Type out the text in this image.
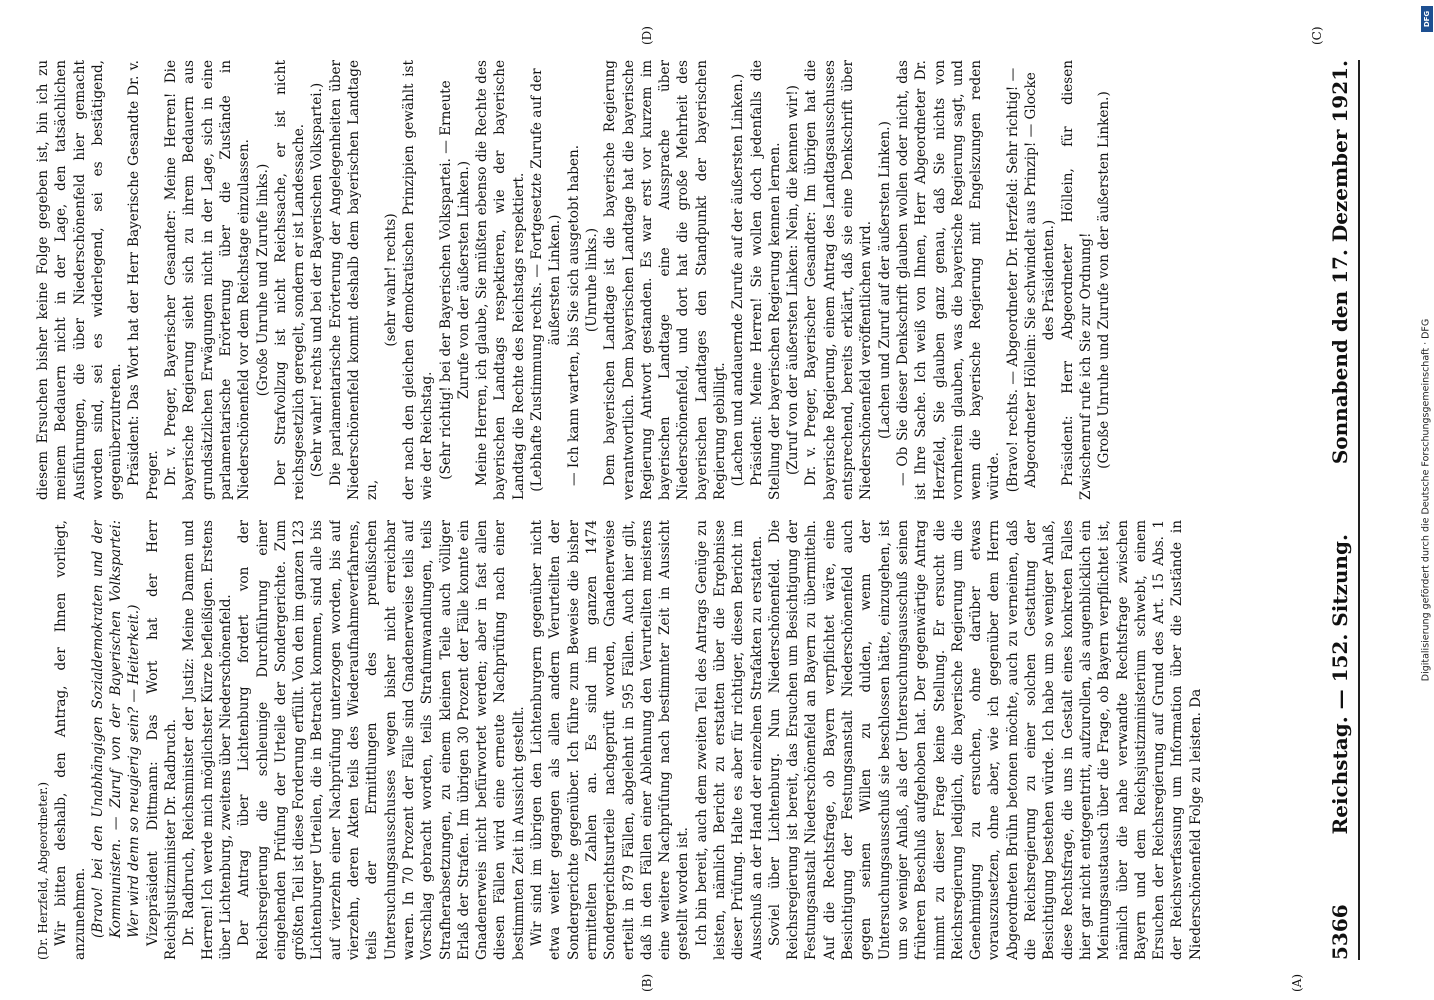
5366
Reichstag. — 152. Sitzung.
Sonnabend den 17. Dezember 1921.

(Dr. Herzfeld, Abgeordneter.) Wir bitten deshalb, den Antrag, der Ihnen vorliegt, anzunehmen. (Bravo! bei den Unabhängigen Sozialdemokraten und der Kommunisten. — Zuruf von der Bayerischen Volkspartei: Wer wird denn so neugierig sein? — Heiterkeit.) Vizepräsident Dittmann: Das Wort hat der Herr Reichsjustizminister Dr. Radbruch. Dr. Radbruch, Reichsminister der Justiz: Meine Damen und Herren! Ich werde mich möglichster Kürze befleißigen. Erstens über Lichtenburg, zweitens über Niederschönenfeld. Der Antrag über Lichtenburg fordert von der Reichsregierung die schleunige Durchführung einer eingehenden Prüfung der Urteile der Sondergerichte. Zum größten Teil ist diese Forderung erfüllt. Von den im ganzen 123 Lichtenburger Urteilen, die in Betracht kommen, sind alle bis auf vierzehn einer Nachprüfung unterzogen worden, bis auf vierzehn, deren Akten teils des Wiederaufnahmeverfahrens, teils der Ermittlungen des preußischen Untersuchungsausschusses wegen bisher nicht erreichbar waren. In 70 Prozent der Fälle sind Gnadenerweise teils auf Vorschlag gebracht worden, teils Strafumwandlungen, teils Strafherabsetzungen, zu einem kleinen Teile auch völliger Erlaß der Strafen. Im übrigen 30 Prozent der Fälle konnte ein Gnadenerweis nicht befürwortet werden; aber in fast allen diesen Fällen wird eine erneute Nachprüfung nach einer bestimmten Zeit in Aussicht gestellt. Wir sind im übrigen den Lichtenburgern gegenüber nicht etwa weiter gegangen als allen andern Verurteilten der Sondergerichte gegenüber. Ich führe zum Beweise die bisher ermittelten Zahlen an. Es sind im ganzen 1474 Sondergerichtsurteile nachgeprüft worden, Gnadenerweise erteilt in 879 Fällen, abgelehnt in 595 Fällen. Auch hier gilt, daß in den Fällen einer Ablehnung den Verurteilten meistens eine weitere Nachprüfung nach bestimmter Zeit in Aussicht gestellt worden ist. Ich bin bereit, auch dem zweiten Teil des Antrags Genüge zu leisten, nämlich Bericht zu erstatten über die Ergebnisse dieser Prüfung. Halte es aber für richtiger, diesen Bericht im Ausschuß an der Hand der einzelnen Strafakten zu erstatten. Soviel über Lichtenburg. Nun Niederschönenfeld. Die Reichsregierung ist bereit, das Ersuchen um Besichtigung der Festungsanstalt Niederschönenfeld an Bayern zu übermitteln. Auf die Rechtsfrage, ob Bayern verpflichtet wäre, eine Besichtigung der Festungsanstalt Niederschönenfeld auch gegen seinen Willen zu dulden, wenn der Untersuchungsausschuß sie beschlossen hätte, einzugehen, ist um so weniger Anlaß, als der Untersuchungsausschuß seinen früheren Beschluß aufgehoben hat. Der gegenwärtige Antrag nimmt zu dieser Frage keine Stellung. Er ersucht die Reichsregierung lediglich, die bayerische Regierung um die Genehmigung zu ersuchen, ohne darüber etwas vorauszusetzen, ohne aber, wie ich gegenüber dem Herrn Abgeordneten Brühn betonen möchte, auch zu verneinen, daß die Reichsregierung zu einer solchen Gestattung der Besichtigung bestehen würde. Ich habe um so weniger Anlaß, diese Rechtsfrage, die uns in Gestalt eines konkreten Falles hier gar nicht entgegentritt, aufzurollen, als augenblicklich ein Meinungsaustausch über die Frage, ob Bayern verpflichtet ist, nämlich über die nahe verwandte Rechtsfrage zwischen Bayern und dem Reichsjustizministerium schwebt, einem Ersuchen der Reichsregierung auf Grund des Art. 15 Abs. 1 der Reichsverfassung um Information über die Zustände in Niederschönenfeld Folge zu leisten. Da

diesem Ersuchen bisher keine Folge gegeben ist, bin ich zu meinem Bedauern nicht in der Lage, den tatsächlichen Ausführungen, die über Niederschönenfeld hier gemacht worden sind, sei es widerlegend, sei es bestätigend, gegenüberzutreten. Präsident: Das Wort hat der Herr Bayerische Gesandte Dr. v. Preger. Dr. v. Preger, Bayerischer Gesandter: Meine Herren! Die bayerische Regierung sieht sich zu ihrem Bedauern aus grundsätzlichen Erwägungen nicht in der Lage, sich in eine parlamentarische Erörterung über die Zustände in Niederschönenfeld vor dem Reichstage einzulassen. (Große Unruhe und Zurufe links.) Der Strafvollzug ist nicht Reichssache, er ist nicht reichsgesetzlich geregelt, sondern er ist Landessache. (Sehr wahr! rechts und bei der Bayerischen Volkspartei.) Die parlamentarische Erörterung der Angelegenheiten über Niederschönenfeld kommt deshalb dem bayerischen Landtage zu,

(sehr wahr! rechts) der nach den gleichen demokratischen Prinzipien gewählt ist wie der Reichstag. (Sehr richtig! bei der Bayerischen Volkspartei. — Erneute Zurufe von der äußersten Linken.) Meine Herren, ich glaube, Sie müßten ebenso die Rechte des bayerischen Landtags respektieren, wie der bayerische Landtag die Rechte des Reichstags respektiert. (Lebhafte Zustimmung rechts. — Fortgesetzte Zurufe auf der äußersten Linken.) — Ich kann warten, bis Sie sich ausgetobt haben. (Unruhe links.) Dem bayerischen Landtage ist die bayerische Regierung verantwortlich. Dem bayerischen Landtage hat die bayerische Regierung Antwort gestanden. Es war erst vor kurzem im bayerischen Landtage eine Aussprache über Niederschönenfeld, und dort hat die große Mehrheit des bayerischen Landtages den Standpunkt der bayerischen Regierung gebilligt. (Lachen und andauernde Zurufe auf der äußersten Linken.) Präsident: Meine Herren! Sie wollen doch jedenfalls die Stellung der bayerischen Regierung kennen lernen. (Zuruf von der äußersten Linken: Nein, die kennen wir!) Dr. v. Preger, Bayerischer Gesandter: Im übrigen hat die bayerische Regierung, einem Antrag des Landtagsausschusses entsprechend, bereits erklärt, daß sie eine Denkschrift über Niederschönenfeld veröffentlichen wird. (Lachen und Zuruf auf der äußersten Linken.) — Ob Sie dieser Denkschrift glauben wollen oder nicht, das ist Ihre Sache. Ich weiß von Ihnen, Herr Abgeordneter Dr. Herzfeld, Sie glauben ganz genau, daß Sie nichts von vornherein glauben, was die bayerische Regierung sagt, und wenn die bayerische Regierung mit Engelszungen reden würde. (Bravo! rechts. — Abgeordneter Dr. Herzfeld: Sehr richtig! — Abgeordneter Höllein: Sie schwindelt aus Prinzip! — Glocke des Präsidenten.) Präsident: Herr Abgeordneter Höllein, für diesen Zwischenruf rufe ich Sie zur Ordnung! (Große Unruhe und Zurufe von der äußersten Linken.)

(A)
(B)
(C)
(D)
Digitalisierung gefördert durch die Deutsche Forschungsgemeinschaft · DFG
DFG
